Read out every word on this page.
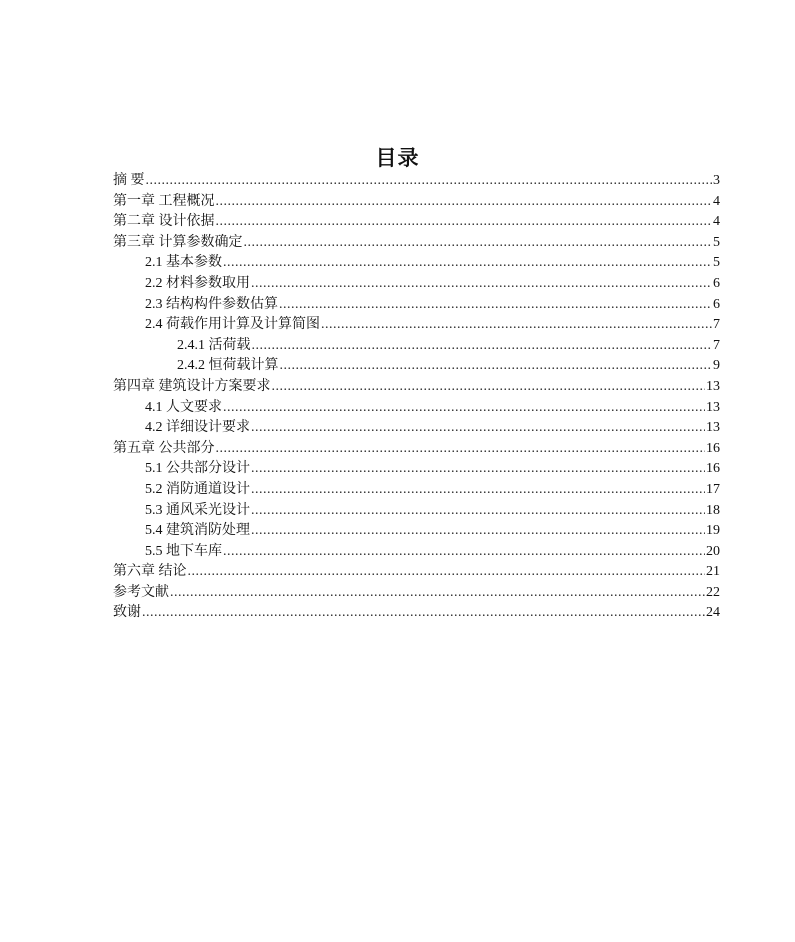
目录
摘 要 .....	3
第一章 工程概况 .....	4
第二章 设计依据 .....	4
第三章 计算参数确定 .....	5
2.1 基本参数 .....	5
2.2 材料参数取用 .....	6
2.3 结构构件参数估算 .....	6
2.4 荷载作用计算及计算简图 .....	7
2.4.1 活荷载 .....	7
2.4.2 恒荷载计算 .....	9
第四章 建筑设计方案要求 .....	13
4.1 人文要求 .....	13
4.2 详细设计要求 .....	13
第五章 公共部分 .....	16
5.1 公共部分设计 .....	16
5.2 消防通道设计 .....	17
5.3 通风采光设计 .....	18
5.4 建筑消防处理 .....	19
5.5 地下车库 .....	20
第六章 结论 .....	21
参考文献 .....	22
致谢 .....	24
